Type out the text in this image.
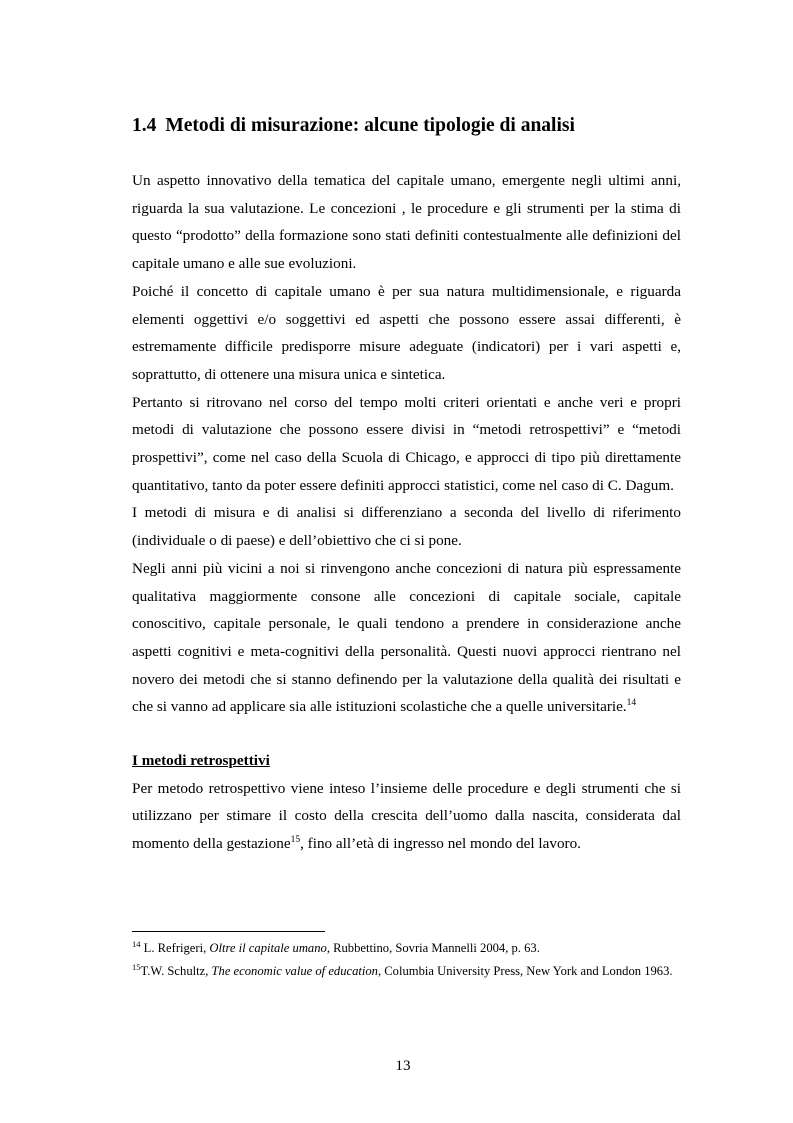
1.4 Metodi di misurazione: alcune tipologie di analisi

Un aspetto innovativo della tematica del capitale umano, emergente negli ultimi anni, riguarda la sua valutazione. Le concezioni , le procedure e gli strumenti per la stima di questo “prodotto” della formazione sono stati definiti contestualmente alle definizioni del capitale umano e alle sue evoluzioni.

Poiché il concetto di capitale umano è per sua natura multidimensionale, e riguarda elementi oggettivi e/o soggettivi ed aspetti che possono essere assai differenti, è estremamente difficile predisporre misure adeguate (indicatori) per i vari aspetti e, soprattutto, di ottenere una misura unica e sintetica.

Pertanto si ritrovano nel corso del tempo molti criteri orientati e anche veri e propri metodi di valutazione che possono essere divisi in “metodi retrospettivi” e “metodi prospettivi”, come nel caso della Scuola di Chicago, e approcci di tipo più direttamente quantitativo, tanto da poter essere definiti approcci statistici, come nel caso di C. Dagum.

I metodi di misura e di analisi si differenziano a seconda del livello di riferimento (individuale o di paese) e dell’obiettivo che ci si pone.

Negli anni più vicini a noi si rinvengono anche concezioni di natura più espressamente qualitativa maggiormente consone alle concezioni di capitale sociale, capitale conoscitivo, capitale personale, le quali tendono a prendere in considerazione anche aspetti cognitivi e meta-cognitivi della personalità. Questi nuovi approcci rientrano nel novero dei metodi che si stanno definendo per la valutazione della qualità dei risultati e che si vanno ad applicare sia alle istituzioni scolastiche che a quelle universitarie.$^{14}$

I metodi retrospettivi

Per metodo retrospettivo viene inteso l’insieme delle procedure e degli strumenti che si utilizzano per stimare il costo della crescita dell’uomo dalla nascita, considerata dal momento della gestazione$^{15}$, fino all’età di ingresso nel mondo del lavoro.

$^{14}$ L. Refrigeri, Oltre il capitale umano, Rubbettino, Sovria Mannelli 2004, p. 63.

$^{15}$T.W. Schultz, The economic value of education, Columbia University Press, New York and London 1963.

13
